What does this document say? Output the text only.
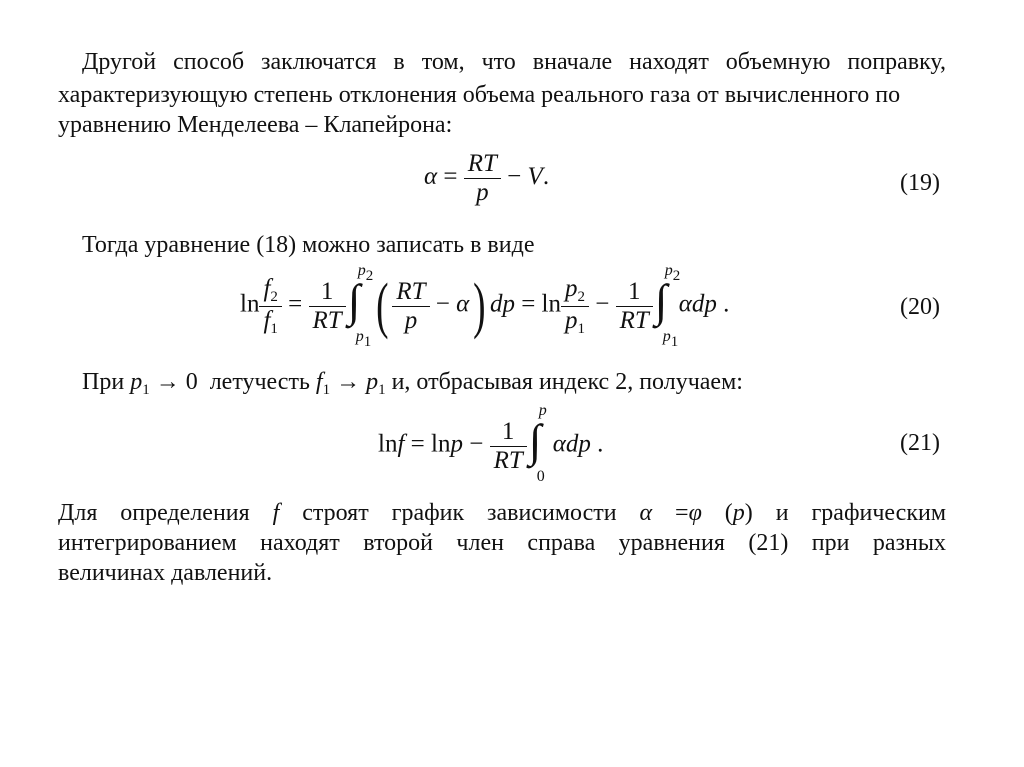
Другой способ заключатся в том, что вначале находят объемную поправку,
характеризующую степень отклонения объема реального газа от вычисленного по
уравнению Менделеева – Клапейрона:
$\alpha = \frac{RT}{p} - V$.	(19)
Тогда уравнение (18) можно записать в виде
$\ln \frac{f_2}{f_1} = \frac{1}{RT}$ ∫
p2
p1
( $\frac{RT}{p} - \alpha$) dp = $\ln \frac{p_2}{p_1} - \frac{1}{RT}$ ∫
p2
p1
αdp .	(20)
При $p_1 \to 0$  летучесть $f_1 \to p_1$ и, отбрасывая индекс 2, получаем:
$\ln f = \ln p - \frac{1}{RT}$ ∫
p
0
αdp .	(21)
Для определения f строят график зависимости α =φ (p) и графическим
интегрированием находят второй член справа уравнения (21) при разных
величинах давлений.
